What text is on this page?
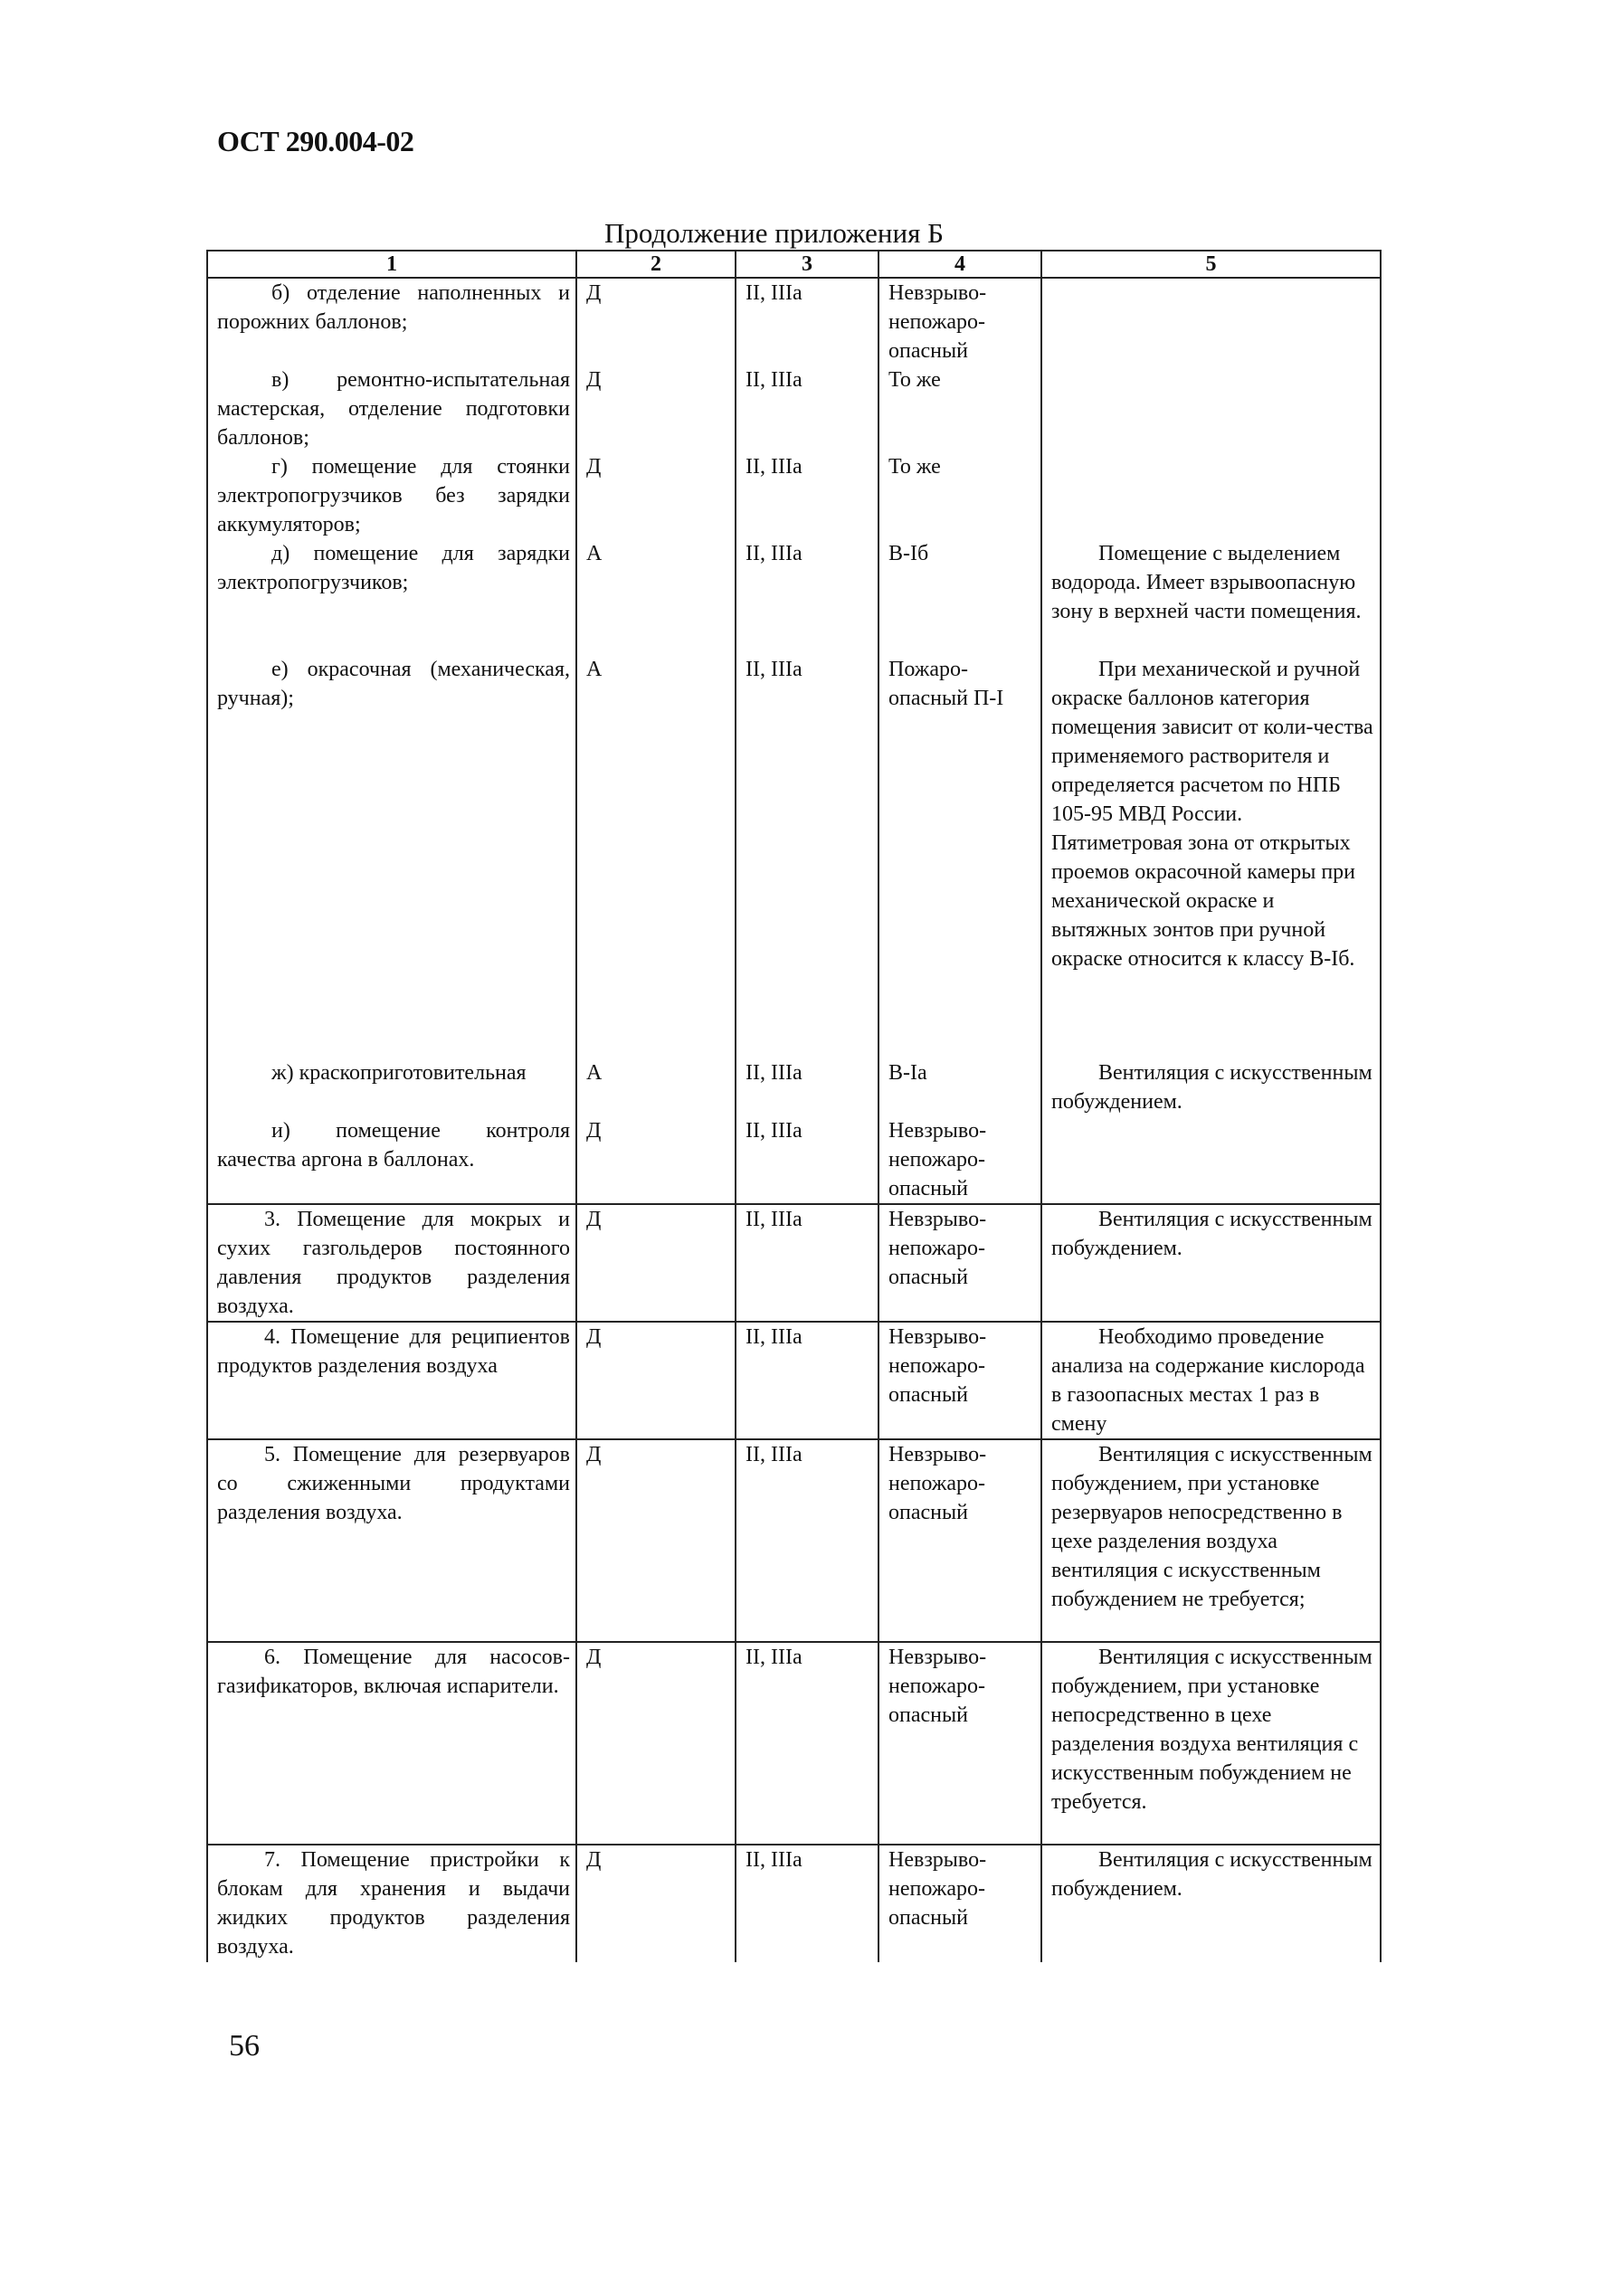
ОСТ 290.004-02
Продолжение приложения Б
1	2	3	4	5
б) отделение наполненных и порожних баллонов;	Д	II, IIIa	Невзрыво-непожаро-опасный	
в) ремонтно-испытательная мастерская, отделение подготовки баллонов;	Д	II, IIIa	То же	
г) помещение для стоянки электропогрузчиков без зарядки аккумуляторов;	Д	II, IIIa	То же	
д) помещение для зарядки электропогрузчиков;	А	II, IIIa	В-Iб	Помещение с выделением водорода. Имеет взрывоопасную зону в верхней части помещения.
е) окрасочная (механическая, ручная);	А	II, IIIa	Пожаро-опасный П-I	При механической и ручной окраске баллонов категория помещения зависит от коли-чества применяемого растворителя и определяется расчетом по НПБ 105-95 МВД России. Пятиметровая зона от открытых проемов окрасочной камеры при механической окраске и вытяжных зонтов при ручной окраске относится к классу В-Iб.
ж) краскоприготовительная	А	II, IIIa	В-Iа	Вентиляция с искусственным побуждением.
и) помещение контроля качества аргона в баллонах.	Д	II, IIIa	Невзрыво-непожаро-опасный	
3. Помещение для мокрых и сухих газгольдеров постоянного давления продуктов разделения воздуха.	Д	II, IIIa	Невзрыво-непожаро-опасный	Вентиляция с искусственным побуждением.
4. Помещение для реципиентов продуктов разделения воздуха	Д	II, IIIa	Невзрыво-непожаро-опасный	Необходимо проведение анализа на содержание кислорода в газоопасных местах 1 раз в смену
5. Помещение для резервуаров со сжиженными продуктами разделения воздуха.	Д	II, IIIa	Невзрыво-непожаро-опасный	Вентиляция с искусственным побуждением, при установке резервуаров непосредственно в цехе разделения воздуха вентиляция с искусственным побуждением не требуется;
6. Помещение для насосов-газификаторов, включая испарители.	Д	II, IIIa	Невзрыво-непожаро-опасный	Вентиляция с искусственным побуждением, при установке непосредственно в цехе разделения воздуха вентиляция с искусственным побуждением не требуется.
7. Помещение пристройки к блокам для хранения и выдачи жидких продуктов разделения воздуха.	Д	II, IIIa	Невзрыво-непожаро-опасный	Вентиляция с искусственным побуждением.
56
